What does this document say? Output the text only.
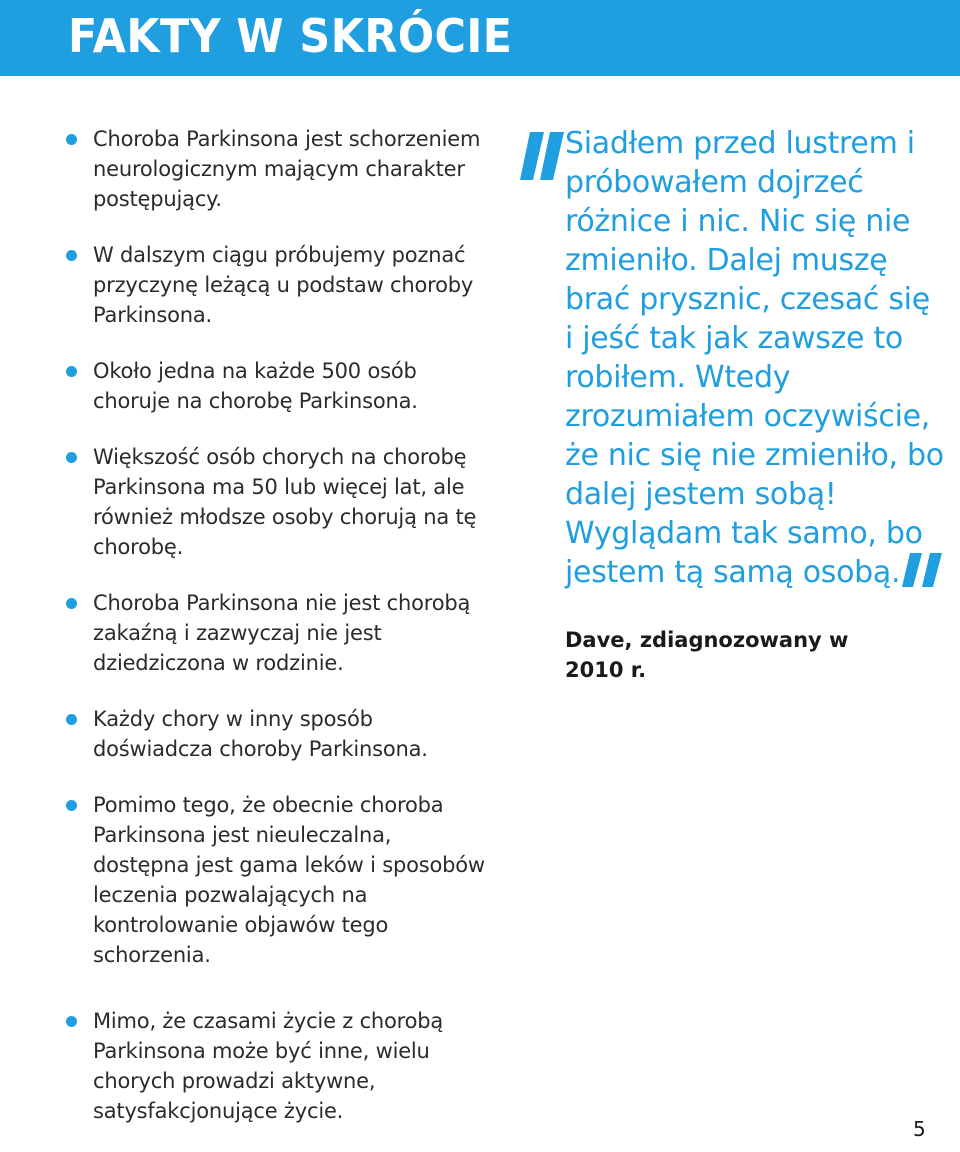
FAKTY W SKRÓCIE
Choroba Parkinsona jest schorzeniem neurologicznym mającym charakter postępujący.
W dalszym ciągu próbujemy poznać przyczynę leżącą u podstaw choroby Parkinsona.
Około jedna na każde 500 osób choruje na chorobę Parkinsona.
Większość osób chorych na chorobę Parkinsona ma 50 lub więcej lat, ale również młodsze osoby chorują na tę chorobę.
Choroba Parkinsona nie jest chorobą zakaźną i zazwyczaj nie jest dziedziczona w rodzinie.
Każdy chory w inny sposób doświadcza choroby Parkinsona.
Pomimo tego, że obecnie choroba Parkinsona jest nieuleczalna, dostępna jest gama leków i sposobów leczenia pozwalających na kontrolowanie objawów tego schorzenia.
Mimo, że czasami życie z chorobą Parkinsona może być inne, wielu chorych prowadzi aktywne, satysfakcjonujące życie.

Siadłem przed lustrem i próbowałem dojrzeć różnice i nic. Nic się nie zmieniło. Dalej muszę brać prysznic, czesać się i jeść tak jak zawsze to robiłem. Wtedy zrozumiałem oczywiście, że nic się nie zmieniło, bo dalej jestem sobą! Wyglądam tak samo, bo jestem tą samą osobą.

Dave, zdiagnozowany w 2010 r.
5
